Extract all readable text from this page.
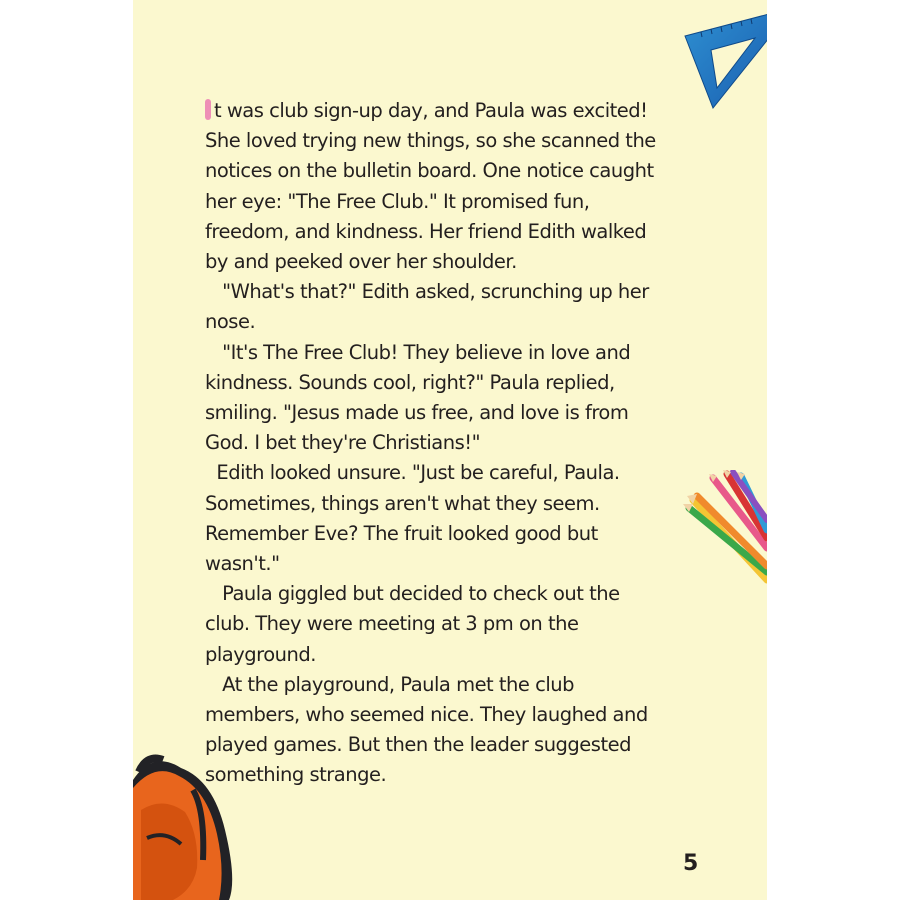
t was club sign-up day, and Paula was excited!
She loved trying new things, so she scanned the
notices on the bulletin board. One notice caught
her eye: "The Free Club." It promised fun,
freedom, and kindness. Her friend Edith walked
by and peeked over her shoulder.
"What's that?" Edith asked, scrunching up her
nose.
"It's The Free Club! They believe in love and
kindness. Sounds cool, right?" Paula replied,
smiling. "Jesus made us free, and love is from
God. I bet they're Christians!"
Edith looked unsure. "Just be careful, Paula.
Sometimes, things aren't what they seem.
Remember Eve? The fruit looked good but
wasn't."
Paula giggled but decided to check out the
club. They were meeting at 3 pm on the
playground.
At the playground, Paula met the club
members, who seemed nice. They laughed and
played games. But then the leader suggested
something strange.

5
